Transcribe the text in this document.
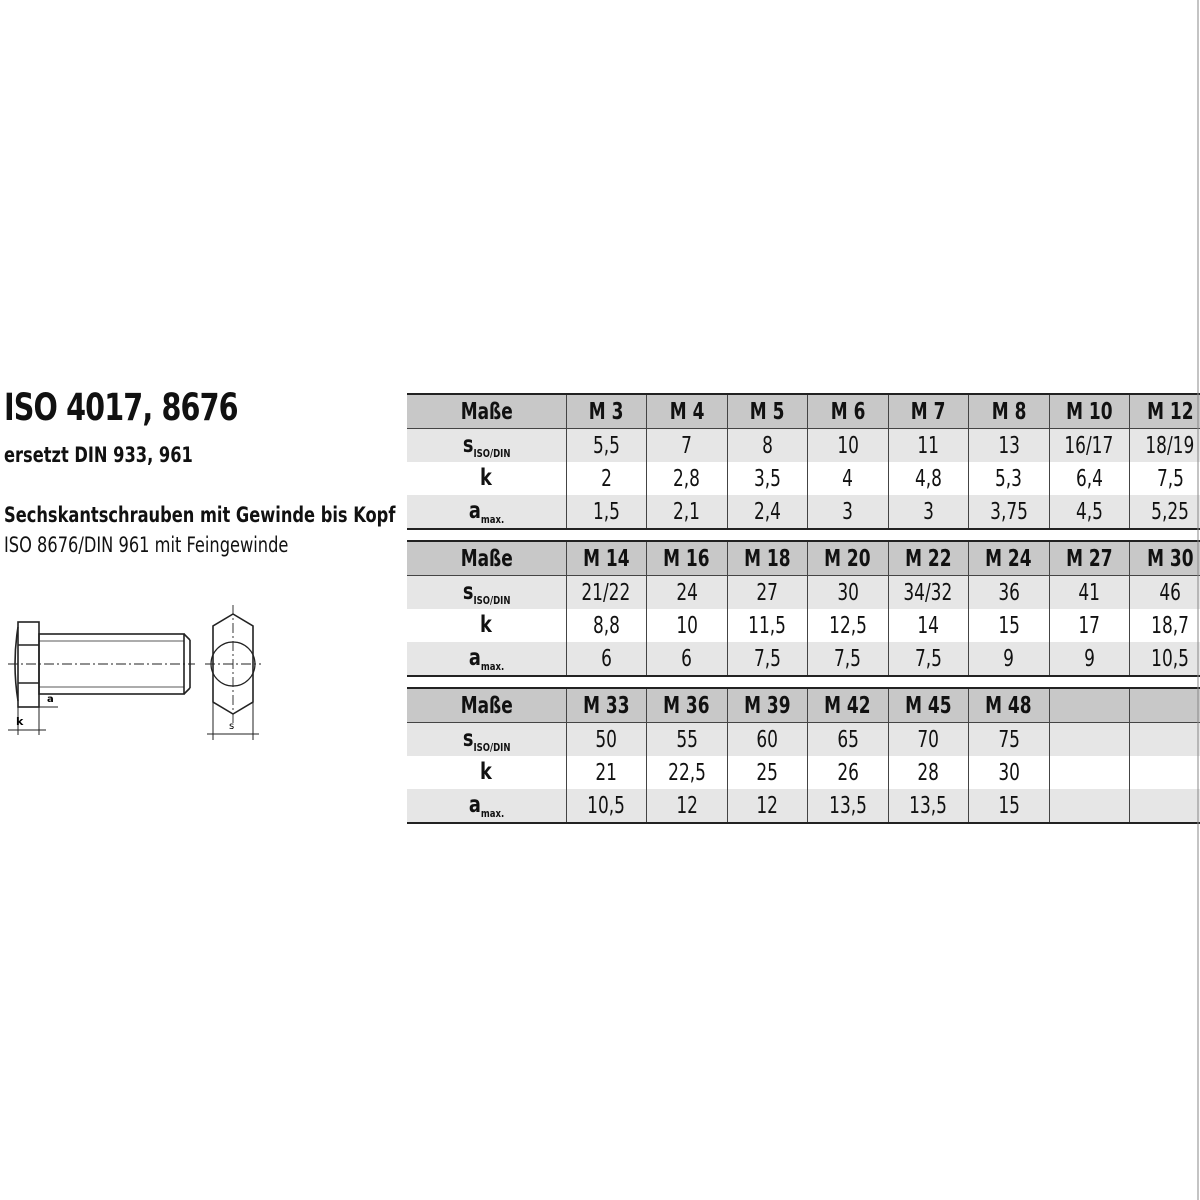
ISO 4017, 8676
ersetzt DIN 933, 961
Sechskantschrauben mit Gewinde bis Kopf
ISO 8676/DIN 961 mit Feingewinde
k
a
s
Maße	M 3	M 4	M 5	M 6	M 7	M 8	M 10	M 12
$s_{ISO/DIN}$	5,5	7	8	10	11	13	16/17	18/19
k	2	2,8	3,5	4	4,8	5,3	6,4	7,5
$a_{max.}$	1,5	2,1	2,4	3	3	3,75	4,5	5,25
Maße	M 14	M 16	M 18	M 20	M 22	M 24	M 27	M 30
$s_{ISO/DIN}$	21/22	24	27	30	34/32	36	41	46
k	8,8	10	11,5	12,5	14	15	17	18,7
$a_{max.}$	6	6	7,5	7,5	7,5	9	9	10,5
Maße	M 33	M 36	M 39	M 42	M 45	M 48		
$s_{ISO/DIN}$	50	55	60	65	70	75		
k	21	22,5	25	26	28	30		
$a_{max.}$	10,5	12	12	13,5	13,5	15		
